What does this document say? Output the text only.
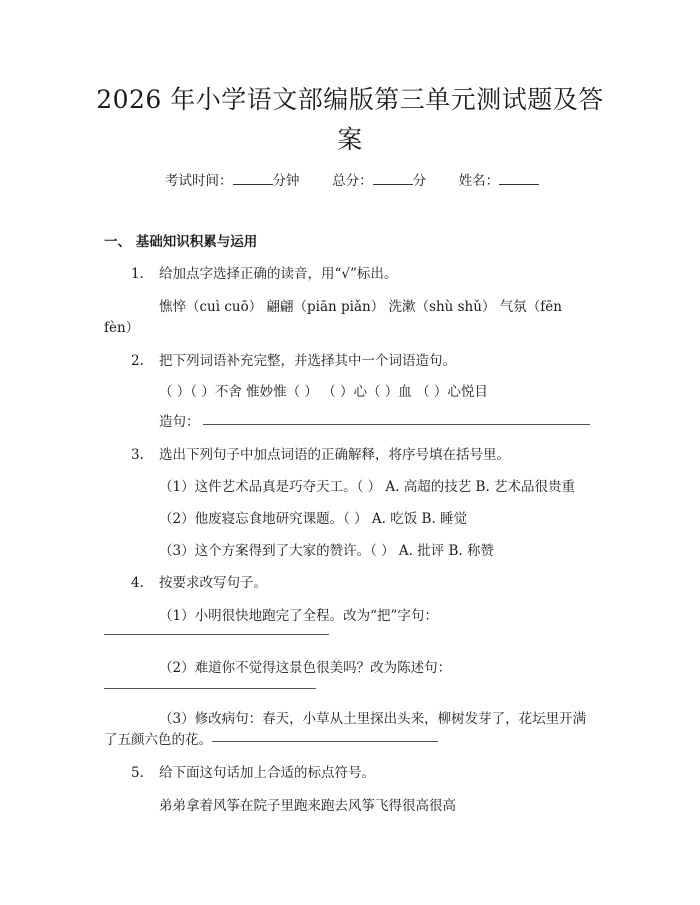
2026 年小学语文部编版第三单元测试题及答
案
考试时间：	分钟 总分：	分 姓名：
一、 基础知识积累与运用
1. 给加点字选择正确的读音，用“√”标出。
憔悴（cuì cuō） 翩翩（piān piǎn） 洗漱（shù shǔ） 气氛（fēn
fèn）
2. 把下列词语补充完整，并选择其中一个词语造句。
（ ）（ ）不舍 惟妙惟（ ） （ ）心（ ）血 （ ）心悦目
造句：
3. 选出下列句子中加点词语的正确解释，将序号填在括号里。
（1）这件艺术品真是巧夺天工。（ ） A. 高超的技艺 B. 艺术品很贵重
（2）他废寝忘食地研究课题。（ ） A. 吃饭 B. 睡觉
（3）这个方案得到了大家的赞许。（ ） A. 批评 B. 称赞
4. 按要求改写句子。
（1）小明很快地跑完了全程。改为“把”字句：
（2）难道你不觉得这景色很美吗？改为陈述句：
（3）修改病句：春天，小草从土里探出头来，柳树发芽了，花坛里开满
了五颜六色的花。
5. 给下面这句话加上合适的标点符号。
弟弟拿着风筝在院子里跑来跑去风筝飞得很高很高
